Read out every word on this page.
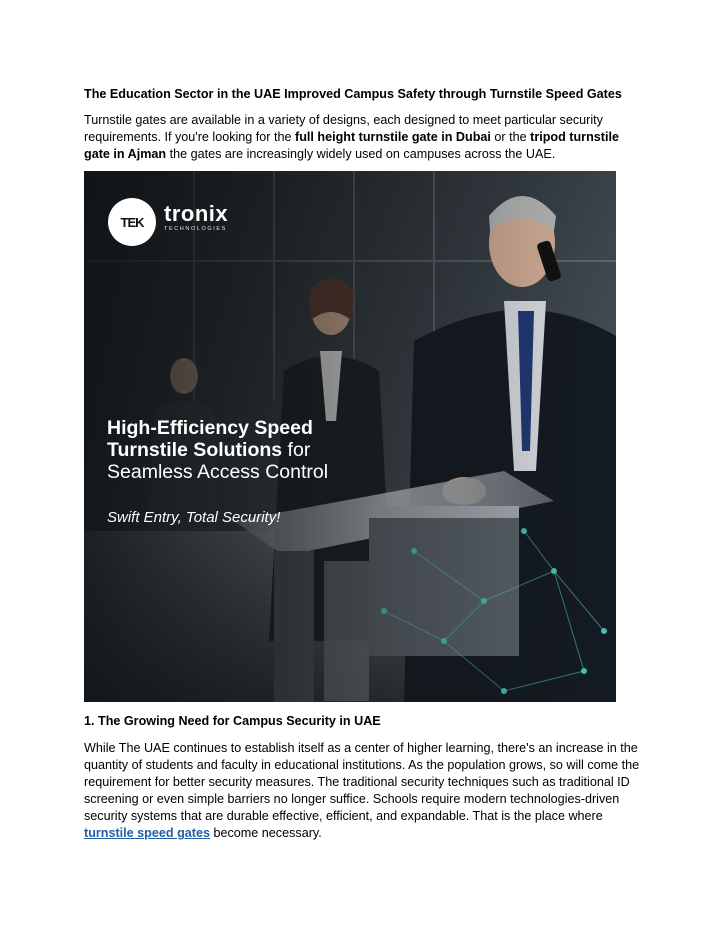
The Education Sector in the UAE Improved Campus Safety through Turnstile Speed Gates
Turnstile gates are available in a variety of designs, each designed to meet particular security requirements. If you're looking for the full height turnstile gate in Dubai or the tripod turnstile gate in Ajman the gates are increasingly widely used on campuses across the UAE.
TEK tronix
TECHNOLOGIES
High-Efficiency Speed
Turnstile Solutions for
Seamless Access Control
Swift Entry, Total Security!
1. The Growing Need for Campus Security in UAE
While The UAE continues to establish itself as a center of higher learning, there's an increase in the quantity of students and faculty in educational institutions. As the population grows, so will come the requirement for better security measures. The traditional security techniques such as traditional ID screening or even simple barriers no longer suffice. Schools require modern technologies-driven security systems that are durable effective, efficient, and expandable. That is the place where turnstile speed gates become necessary.
